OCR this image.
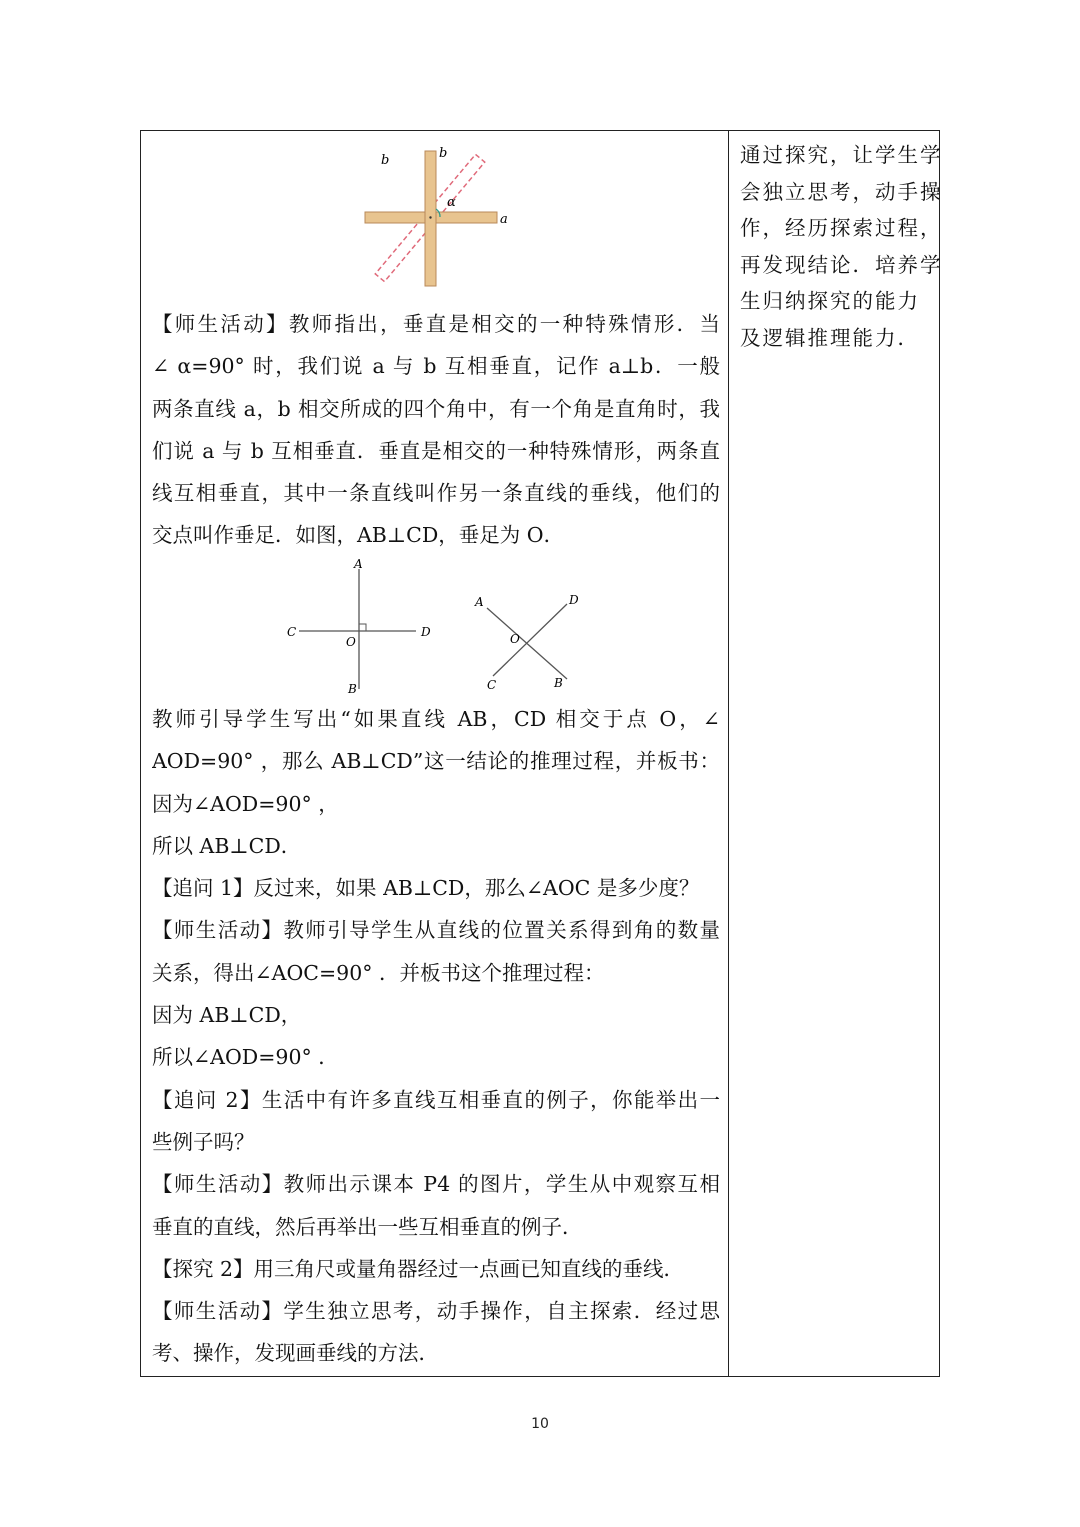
b
b
α
a
【师生活动】教师指出，垂直是相交的一种特殊情形．当
∠ α=90° 时，我们说 a 与 b 互相垂直，记作 a⊥b．一般
两条直线 a，b 相交所成的四个角中，有一个角是直角时，我
们说 a 与 b 互相垂直．垂直是相交的一种特殊情形，两条直
线互相垂直，其中一条直线叫作另一条直线的垂线，他们的
交点叫作垂足．如图，AB⊥CD，垂足为 O．
A
C	D
O
B
A	D
O
C	B
教师引导学生写出“如果直线 AB，CD 相交于点 O，∠
AOD=90° ，那么 AB⊥CD”这一结论的推理过程，并板书：
因为∠AOD=90° ，
所以 AB⊥CD．
【追问 1】反过来，如果 AB⊥CD，那么∠AOC 是多少度？
【师生活动】教师引导学生从直线的位置关系得到角的数量
关系，得出∠AOC=90° ．并板书这个推理过程：
因为 AB⊥CD，
所以∠AOD=90° ．
【追问 2】生活中有许多直线互相垂直的例子，你能举出一
些例子吗？
【师生活动】教师出示课本 P4 的图片，学生从中观察互相
垂直的直线，然后再举出一些互相垂直的例子．
【探究 2】用三角尺或量角器经过一点画已知直线的垂线．
【师生活动】学生独立思考，动手操作，自主探索．经过思
考、操作，发现画垂线的方法．
通过探究，让学生学
会独立思考，动手操
作，经历探索过程，
再发现结论．培养学
生归纳探究的能力
及逻辑推理能力．
10
